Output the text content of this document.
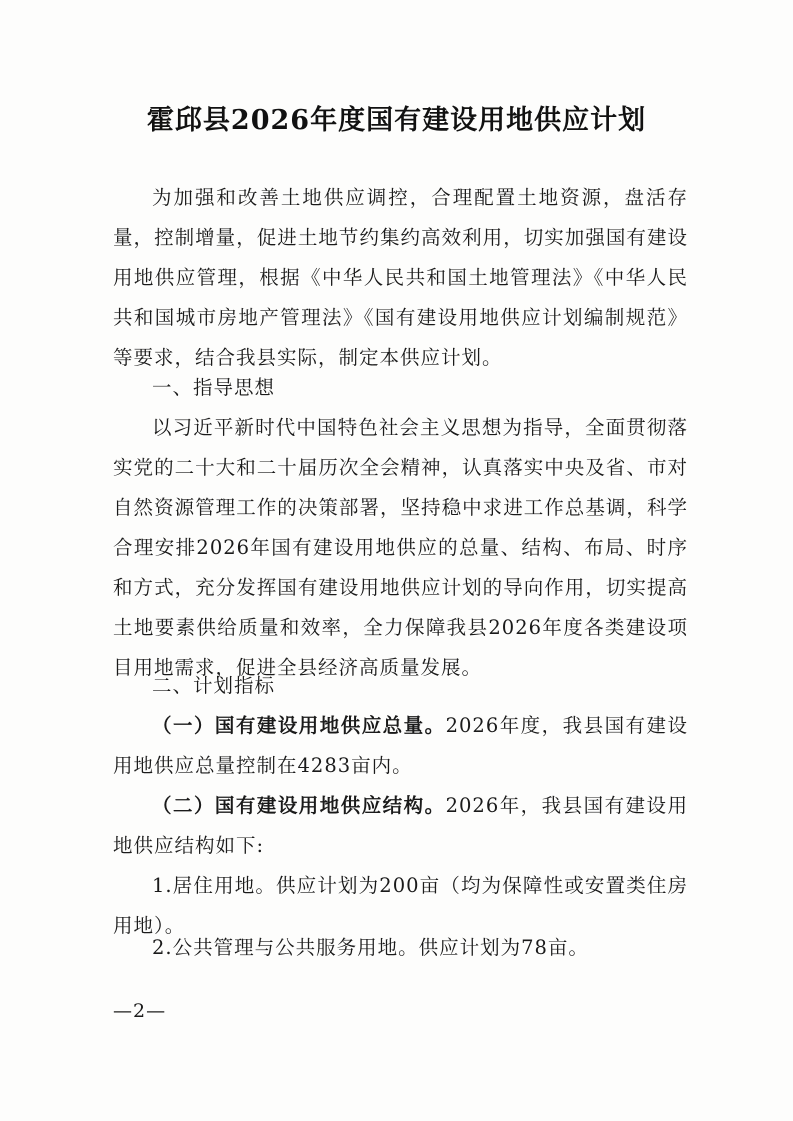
霍邱县2026年度国有建设用地供应计划

为加强和改善土地供应调控，合理配置土地资源，盘活存量，控制增量，促进土地节约集约高效利用，切实加强国有建设用地供应管理，根据《中华人民共和国土地管理法》《中华人民共和国城市房地产管理法》《国有建设用地供应计划编制规范》等要求，结合我县实际，制定本供应计划。

一、指导思想

以习近平新时代中国特色社会主义思想为指导，全面贯彻落实党的二十大和二十届历次全会精神，认真落实中央及省、市对自然资源管理工作的决策部署，坚持稳中求进工作总基调，科学合理安排2026年国有建设用地供应的总量、结构、布局、时序和方式，充分发挥国有建设用地供应计划的导向作用，切实提高土地要素供给质量和效率，全力保障我县2026年度各类建设项目用地需求，促进全县经济高质量发展。

二、计划指标

（一）国有建设用地供应总量。2026年度，我县国有建设用地供应总量控制在4283亩内。

（二）国有建设用地供应结构。2026年，我县国有建设用地供应结构如下:

1.居住用地。供应计划为200亩（均为保障性或安置类住房用地）。

2.公共管理与公共服务用地。供应计划为78亩。

—2—
